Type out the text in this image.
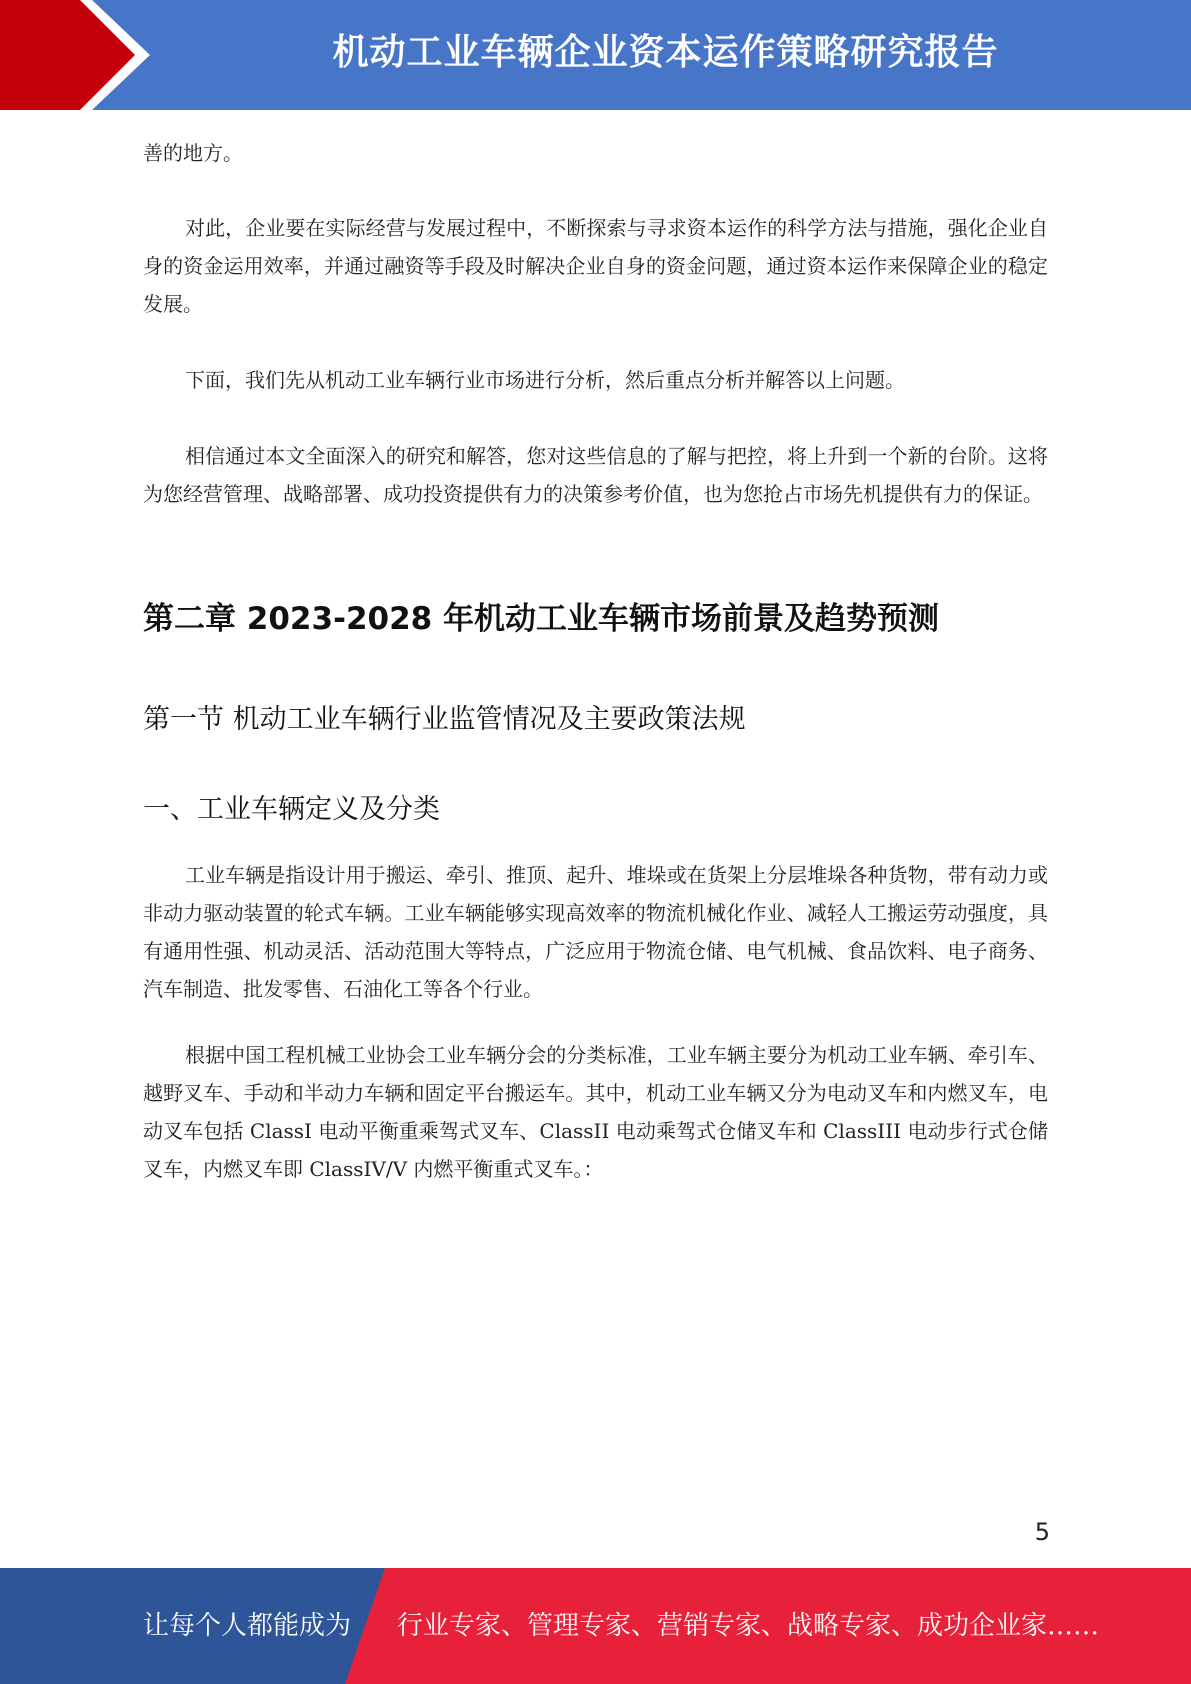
机动工业车辆企业资本运作策略研究报告

善的地方。

对此，企业要在实际经营与发展过程中，不断探索与寻求资本运作的科学方法与措施，强化企业自身的资金运用效率，并通过融资等手段及时解决企业自身的资金问题，通过资本运作来保障企业的稳定发展。

下面，我们先从机动工业车辆行业市场进行分析，然后重点分析并解答以上问题。

相信通过本文全面深入的研究和解答，您对这些信息的了解与把控，将上升到一个新的台阶。这将为您经营管理、战略部署、成功投资提供有力的决策参考价值，也为您抢占市场先机提供有力的保证。

第二章 2023-2028 年机动工业车辆市场前景及趋势预测
第一节 机动工业车辆行业监管情况及主要政策法规
一、工业车辆定义及分类

工业车辆是指设计用于搬运、牵引、推顶、起升、堆垛或在货架上分层堆垛各种货物，带有动力或非动力驱动装置的轮式车辆。工业车辆能够实现高效率的物流机械化作业、减轻人工搬运劳动强度，具有通用性强、机动灵活、活动范围大等特点，广泛应用于物流仓储、电气机械、食品饮料、电子商务、汽车制造、批发零售、石油化工等各个行业。

根据中国工程机械工业协会工业车辆分会的分类标准，工业车辆主要分为机动工业车辆、牵引车、越野叉车、手动和半动力车辆和固定平台搬运车。其中，机动工业车辆又分为电动叉车和内燃叉车，电动叉车包括 ClassI 电动平衡重乘驾式叉车、ClassII 电动乘驾式仓储叉车和 ClassIII 电动步行式仓储叉车，内燃叉车即 ClassIV/V 内燃平衡重式叉车。：

5
让每个人都能成为 行业专家、管理专家、营销专家、战略专家、成功企业家……
